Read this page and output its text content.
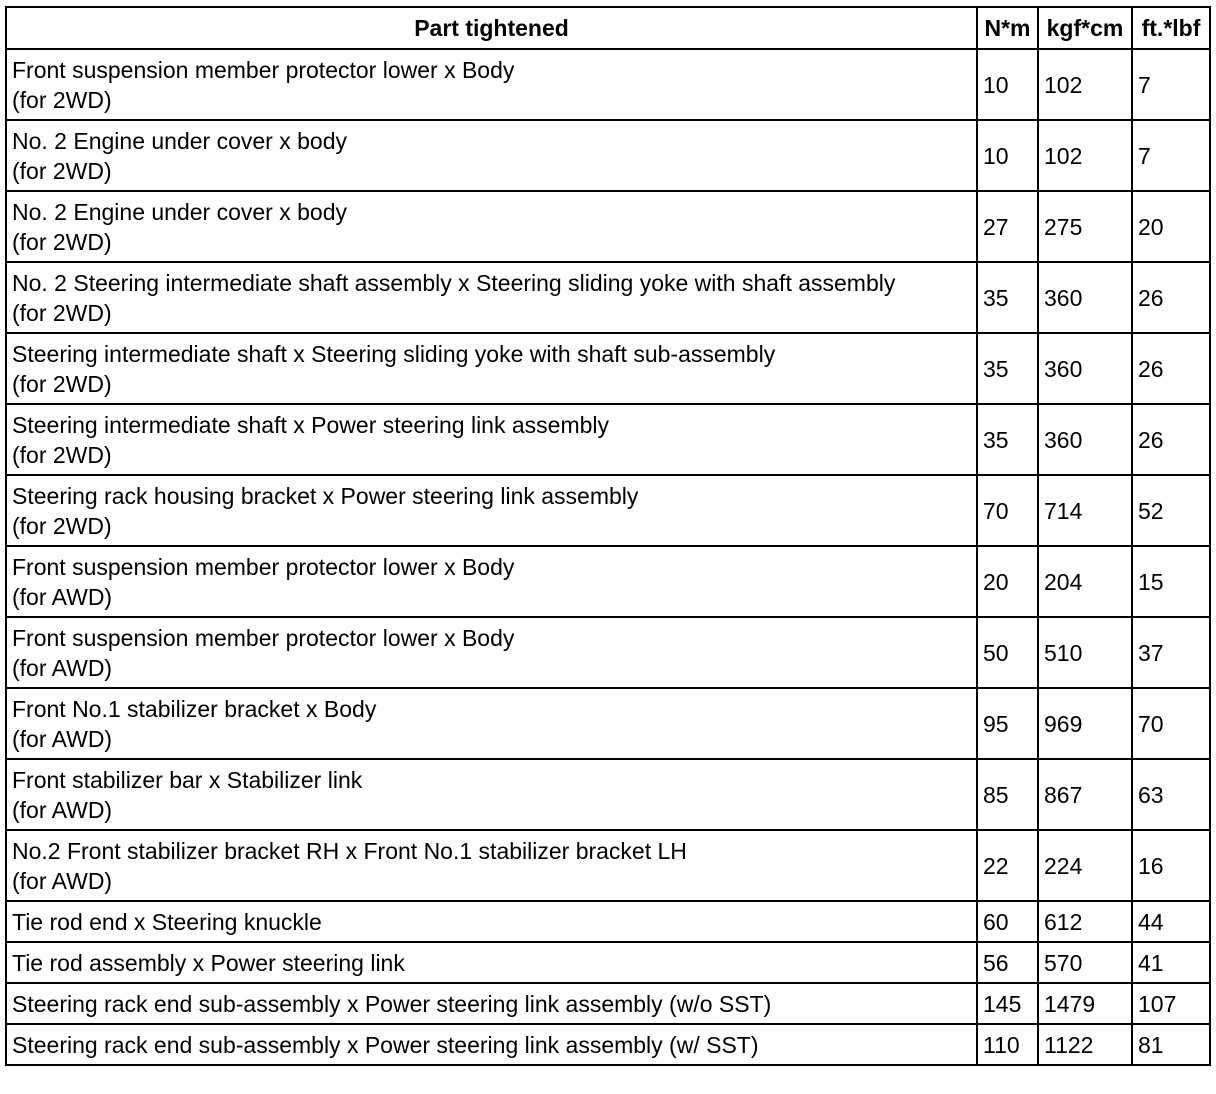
Part tightened	N*m	kgf*cm	ft.*lbf

Front suspension member protector lower x Body
(for 2WD)	10	102	7

No. 2 Engine under cover x body
(for 2WD)	10	102	7

No. 2 Engine under cover x body
(for 2WD)	27	275	20

No. 2 Steering intermediate shaft assembly x Steering sliding yoke with shaft assembly
(for 2WD)	35	360	26

Steering intermediate shaft x Steering sliding yoke with shaft sub-assembly
(for 2WD)	35	360	26

Steering intermediate shaft x Power steering link assembly
(for 2WD)	35	360	26

Steering rack housing bracket x Power steering link assembly
(for 2WD)	70	714	52

Front suspension member protector lower x Body
(for AWD)	20	204	15

Front suspension member protector lower x Body
(for AWD)	50	510	37

Front No.1 stabilizer bracket x Body
(for AWD)	95	969	70

Front stabilizer bar x Stabilizer link
(for AWD)	85	867	63

No.2 Front stabilizer bracket RH x Front No.1 stabilizer bracket LH
(for AWD)	22	224	16

Tie rod end x Steering knuckle	60	612	44

Tie rod assembly x Power steering link	56	570	41

Steering rack end sub-assembly x Power steering link assembly (w/o SST)	145	1479	107

Steering rack end sub-assembly x Power steering link assembly (w/ SST)	110	1122	81
